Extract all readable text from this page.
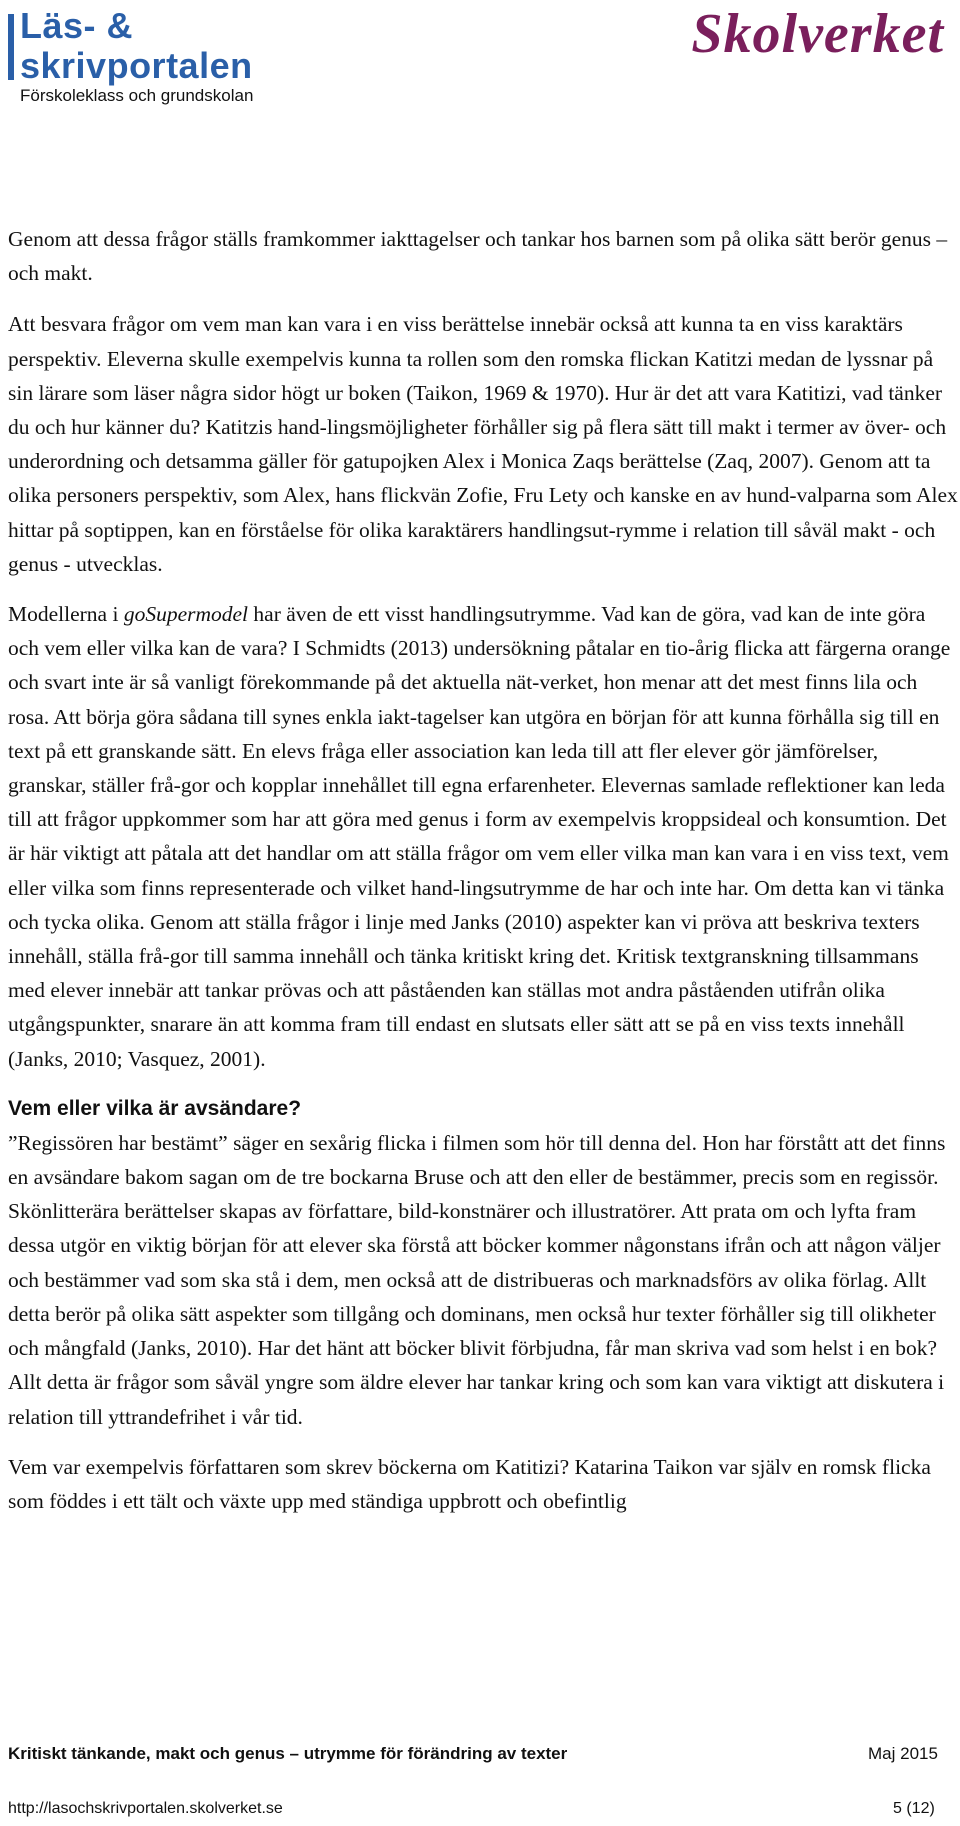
Läs- &
skrivportalen
Förskoleklass och grundskolan
Skolverket

Genom att dessa frågor ställs framkommer iakttagelser och tankar hos barnen som på olika sätt berör genus – och makt.

Att besvara frågor om vem man kan vara i en viss berättelse innebär också att kunna ta en viss karaktärs perspektiv. Eleverna skulle exempelvis kunna ta rollen som den romska flickan Katitzi medan de lyssnar på sin lärare som läser några sidor högt ur boken (Taikon, 1969 & 1970). Hur är det att vara Katitizi, vad tänker du och hur känner du? Katitzis hand-lingsmöjligheter förhåller sig på flera sätt till makt i termer av över- och underordning och detsamma gäller för gatupojken Alex i Monica Zaqs berättelse (Zaq, 2007). Genom att ta olika personers perspektiv, som Alex, hans flickvän Zofie, Fru Lety och kanske en av hund-valparna som Alex hittar på soptippen, kan en förståelse för olika karaktärers handlingsut-rymme i relation till såväl makt - och genus - utvecklas.

Modellerna i goSupermodel har även de ett visst handlingsutrymme. Vad kan de göra, vad kan de inte göra och vem eller vilka kan de vara? I Schmidts (2013) undersökning påtalar en tio-årig flicka att färgerna orange och svart inte är så vanligt förekommande på det aktuella nät-verket, hon menar att det mest finns lila och rosa. Att börja göra sådana till synes enkla iakt-tagelser kan utgöra en början för att kunna förhålla sig till en text på ett granskande sätt. En elevs fråga eller association kan leda till att fler elever gör jämförelser, granskar, ställer frå-gor och kopplar innehållet till egna erfarenheter. Elevernas samlade reflektioner kan leda till att frågor uppkommer som har att göra med genus i form av exempelvis kroppsideal och konsumtion. Det är här viktigt att påtala att det handlar om att ställa frågor om vem eller vilka man kan vara i en viss text, vem eller vilka som finns representerade och vilket hand-lingsutrymme de har och inte har. Om detta kan vi tänka och tycka olika. Genom att ställa frågor i linje med Janks (2010) aspekter kan vi pröva att beskriva texters innehåll, ställa frå-gor till samma innehåll och tänka kritiskt kring det. Kritisk textgranskning tillsammans med elever innebär att tankar prövas och att påståenden kan ställas mot andra påståenden utifrån olika utgångspunkter, snarare än att komma fram till endast en slutsats eller sätt att se på en viss texts innehåll (Janks, 2010; Vasquez, 2001).

Vem eller vilka är avsändare?

”Regissören har bestämt” säger en sexårig flicka i filmen som hör till denna del. Hon har förstått att det finns en avsändare bakom sagan om de tre bockarna Bruse och att den eller de bestämmer, precis som en regissör. Skönlitterära berättelser skapas av författare, bild-konstnärer och illustratörer. Att prata om och lyfta fram dessa utgör en viktig början för att elever ska förstå att böcker kommer någonstans ifrån och att någon väljer och bestämmer vad som ska stå i dem, men också att de distribueras och marknadsförs av olika förlag. Allt detta berör på olika sätt aspekter som tillgång och dominans, men också hur texter förhåller sig till olikheter och mångfald (Janks, 2010). Har det hänt att böcker blivit förbjudna, får man skriva vad som helst i en bok? Allt detta är frågor som såväl yngre som äldre elever har tankar kring och som kan vara viktigt att diskutera i relation till yttrandefrihet i vår tid.

Vem var exempelvis författaren som skrev böckerna om Katitizi? Katarina Taikon var själv en romsk flicka som föddes i ett tält och växte upp med ständiga uppbrott och obefintlig

Kritiskt tänkande, makt och genus – utrymme för förändring av texter	Maj 2015
http://lasochskrivportalen.skolverket.se	5 (12)
